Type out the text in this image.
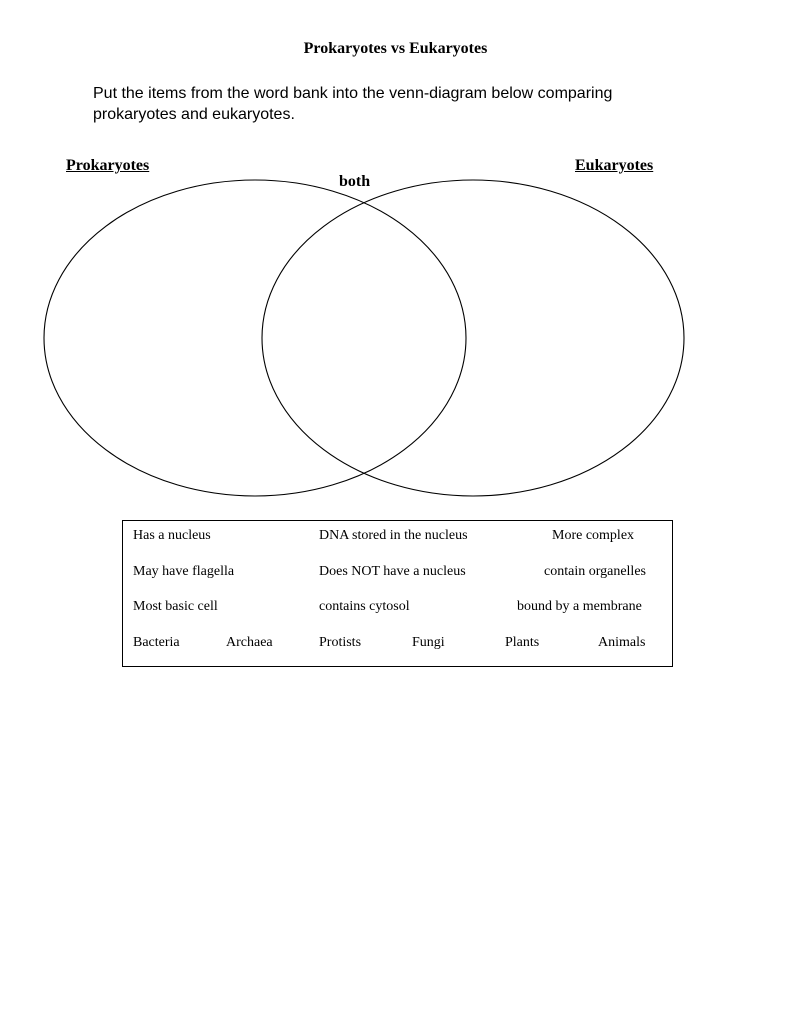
Prokaryotes vs Eukaryotes
Put the items from the word bank into the venn-diagram below comparing prokaryotes and eukaryotes.
Prokaryotes	Eukaryotes
both
Has a nucleus	DNA stored in the nucleus	More complex
May have flagella	Does NOT have a nucleus	contain organelles
Most basic cell	contains cytosol	bound by a membrane
Bacteria	Archaea	Protists	Fungi	Plants	Animals
